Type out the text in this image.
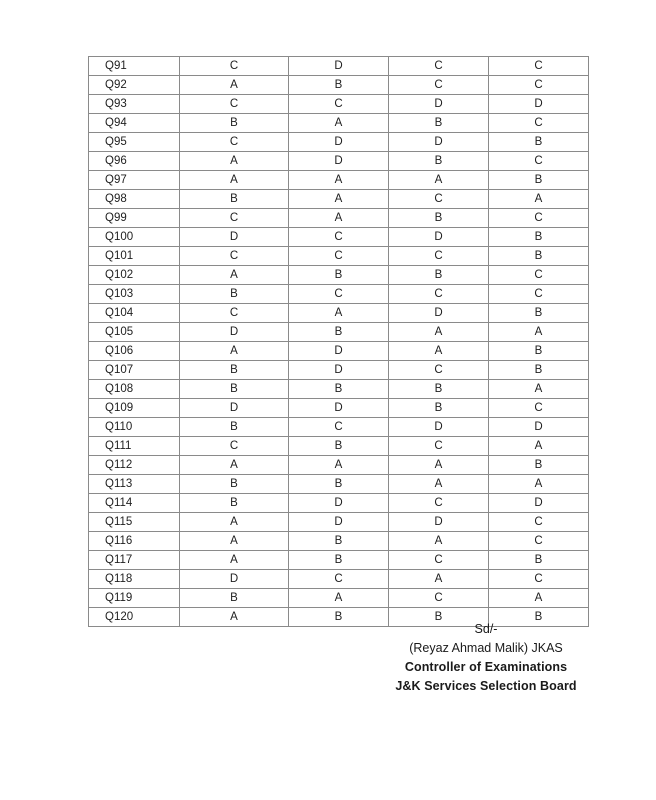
Q91	C	D	C	C
Q92	A	B	C	C
Q93	C	C	D	D
Q94	B	A	B	C
Q95	C	D	D	B
Q96	A	D	B	C
Q97	A	A	A	B
Q98	B	A	C	A
Q99	C	A	B	C
Q100	D	C	D	B
Q101	C	C	C	B
Q102	A	B	B	C
Q103	B	C	C	C
Q104	C	A	D	B
Q105	D	B	A	A
Q106	A	D	A	B
Q107	B	D	C	B
Q108	B	B	B	A
Q109	D	D	B	C
Q110	B	C	D	D
Q111	C	B	C	A
Q112	A	A	A	B
Q113	B	B	A	A
Q114	B	D	C	D
Q115	A	D	D	C
Q116	A	B	A	C
Q117	A	B	C	B
Q118	D	C	A	C
Q119	B	A	C	A
Q120	A	B	B	B
Sd/-
(Reyaz Ahmad Malik) JKAS
Controller of Examinations
J&K Services Selection Board
